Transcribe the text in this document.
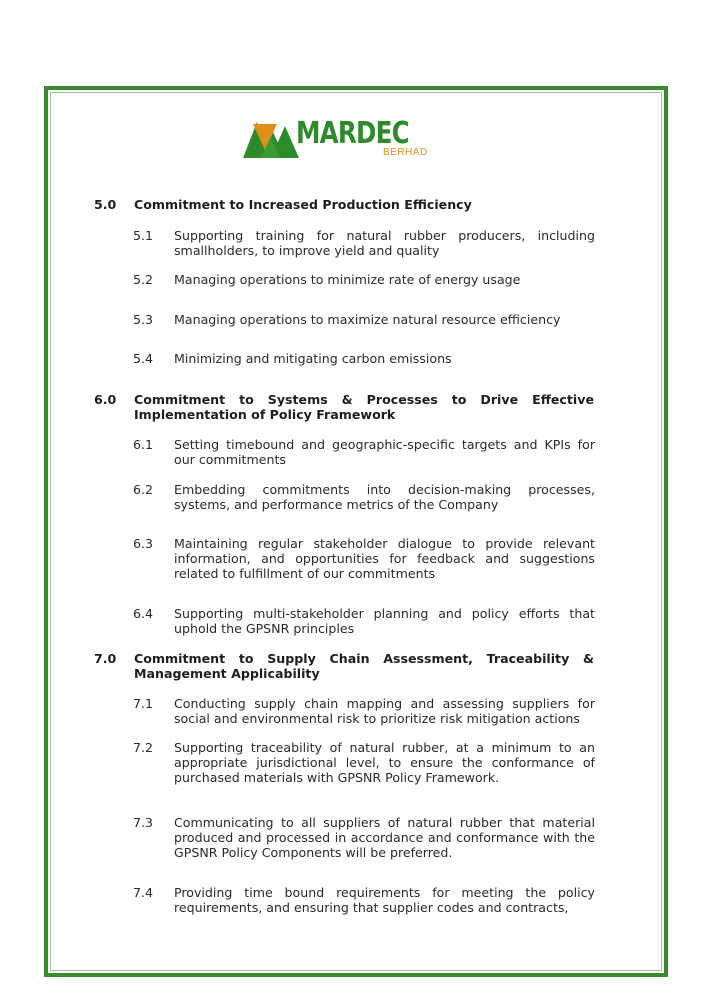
MARDEC
BERHAD
5.0 Commitment to Increased Production Efficiency
5.1 Supporting training for natural rubber producers, including smallholders, to improve yield and quality
5.2 Managing operations to minimize rate of energy usage
5.3 Managing operations to maximize natural resource efficiency
5.4 Minimizing and mitigating carbon emissions
6.0 Commitment to Systems & Processes to Drive Effective Implementation of Policy Framework
6.1 Setting timebound and geographic-specific targets and KPIs for our commitments
6.2 Embedding commitments into decision-making processes, systems, and performance metrics of the Company
6.3 Maintaining regular stakeholder dialogue to provide relevant information, and opportunities for feedback and suggestions related to fulfillment of our commitments
6.4 Supporting multi-stakeholder planning and policy efforts that uphold the GPSNR principles
7.0 Commitment to Supply Chain Assessment, Traceability & Management Applicability
7.1 Conducting supply chain mapping and assessing suppliers for social and environmental risk to prioritize risk mitigation actions
7.2 Supporting traceability of natural rubber, at a minimum to an appropriate jurisdictional level, to ensure the conformance of purchased materials with GPSNR Policy Framework.
7.3 Communicating to all suppliers of natural rubber that material produced and processed in accordance and conformance with the GPSNR Policy Components will be preferred.
7.4 Providing time bound requirements for meeting the policy requirements, and ensuring that supplier codes and contracts,
